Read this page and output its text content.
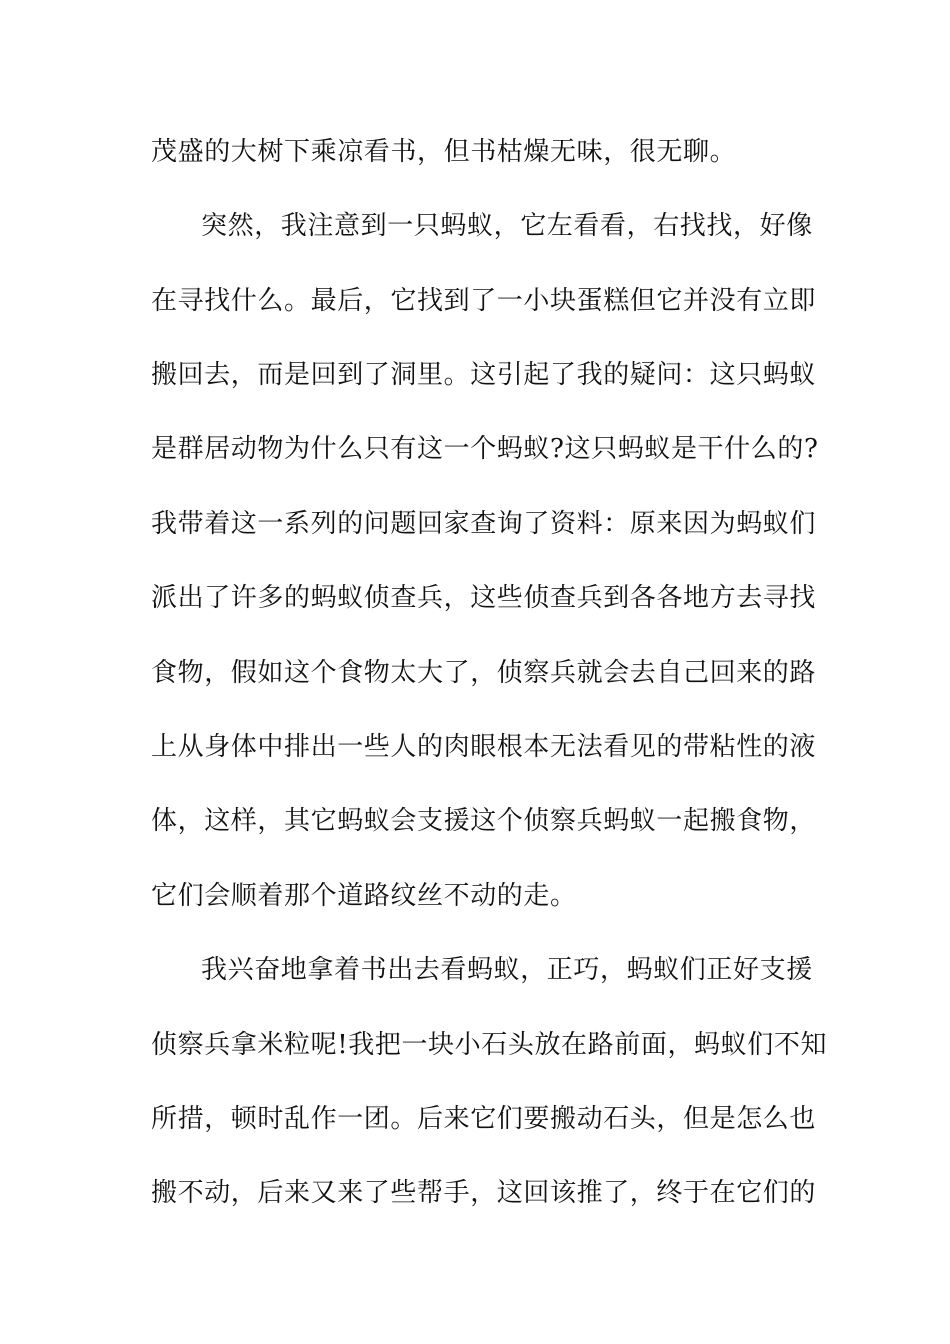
茂盛的大树下乘凉看书，但书枯燥无味，很无聊。
突然，我注意到一只蚂蚁，它左看看，右找找，好像
在寻找什么。最后，它找到了一小块蛋糕但它并没有立即
搬回去，而是回到了洞里。这引起了我的疑问：这只蚂蚁
是群居动物为什么只有这一个蚂蚁?这只蚂蚁是干什么的?
我带着这一系列的问题回家查询了资料：原来因为蚂蚁们
派出了许多的蚂蚁侦查兵，这些侦查兵到各各地方去寻找
食物，假如这个食物太大了，侦察兵就会去自己回来的路
上从身体中排出一些人的肉眼根本无法看见的带粘性的液
体，这样，其它蚂蚁会支援这个侦察兵蚂蚁一起搬食物，
它们会顺着那个道路纹丝不动的走。
我兴奋地拿着书出去看蚂蚁，正巧，蚂蚁们正好支援
侦察兵拿米粒呢!我把一块小石头放在路前面，蚂蚁们不知
所措，顿时乱作一团。后来它们要搬动石头，但是怎么也
搬不动，后来又来了些帮手，这回该推了，终于在它们的
